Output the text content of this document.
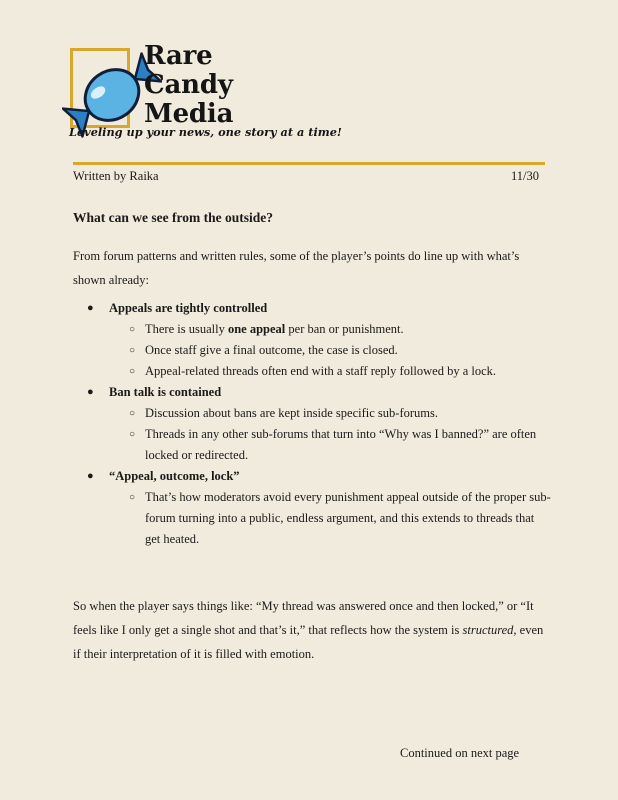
Rare
Candy
Media
Leveling up your news, one story at a time!
Written by Raika	11/30
What can we see from the outside?
From forum patterns and written rules, some of the player’s points do line up with what’s shown already:
● Appeals are tightly controlled
○ There is usually one appeal per ban or punishment.
○ Once staff give a final outcome, the case is closed.
○ Appeal-related threads often end with a staff reply followed by a lock.
● Ban talk is contained
○ Discussion about bans are kept inside specific sub-forums.
○ Threads in any other sub-forums that turn into “Why was I banned?” are often locked or redirected.
● “Appeal, outcome, lock”
○ That’s how moderators avoid every punishment appeal outside of the proper sub-forum turning into a public, endless argument, and this extends to threads that get heated.
So when the player says things like: “My thread was answered once and then locked,” or “It feels like I only get a single shot and that’s it,” that reflects how the system is structured, even if their interpretation of it is filled with emotion.
Continued on next page
